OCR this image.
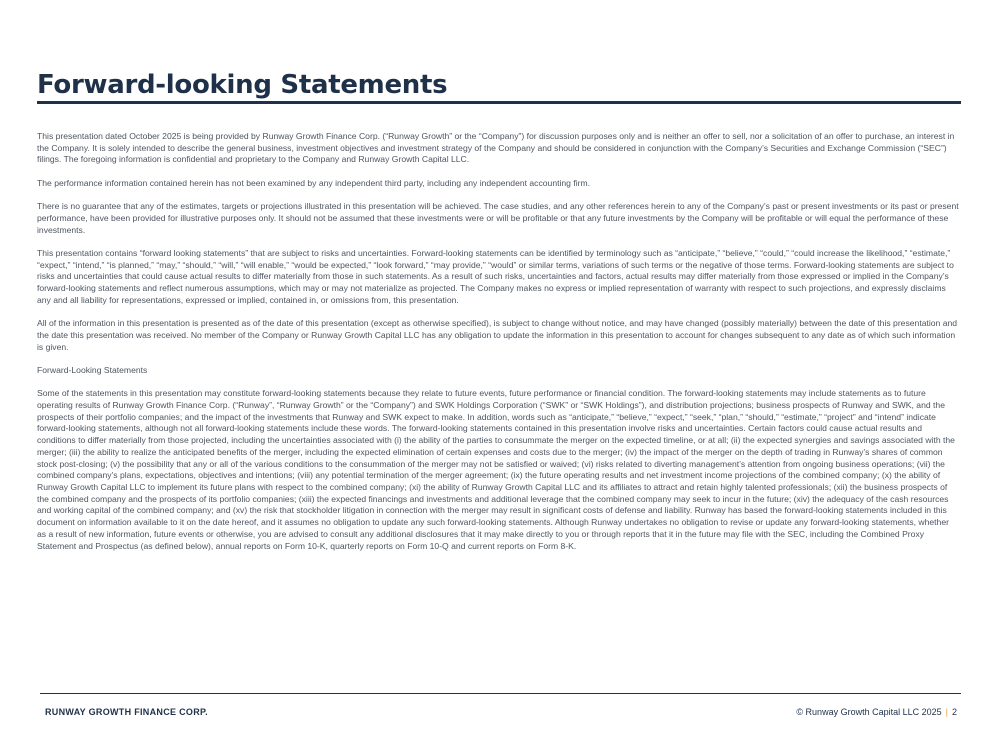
Forward-looking Statements

This presentation dated October 2025 is being provided by Runway Growth Finance Corp. (“Runway Growth” or the “Company”) for discussion purposes only and is neither an offer to sell, nor a solicitation of an offer to purchase, an interest in the Company. It is solely intended to describe the general business, investment objectives and investment strategy of the Company and should be considered in conjunction with the Company’s Securities and Exchange Commission (“SEC”) filings. The foregoing information is confidential and proprietary to the Company and Runway Growth Capital LLC.

The performance information contained herein has not been examined by any independent third party, including any independent accounting firm.

There is no guarantee that any of the estimates, targets or projections illustrated in this presentation will be achieved. The case studies, and any other references herein to any of the Company’s past or present investments or its past or present performance, have been provided for illustrative purposes only. It should not be assumed that these investments were or will be profitable or that any future investments by the Company will be profitable or will equal the performance of these investments.

This presentation contains “forward looking statements” that are subject to risks and uncertainties. Forward-looking statements can be identified by terminology such as “anticipate,” “believe,” “could,” “could increase the likelihood,” “estimate,” “expect,” “intend,” “is planned,” “may,” “should,” “will,” “will enable,” “would be expected,” “look forward,” “may provide,” “would” or similar terms, variations of such terms or the negative of those terms. Forward-looking statements are subject to risks and uncertainties that could cause actual results to differ materially from those in such statements. As a result of such risks, uncertainties and factors, actual results may differ materially from those expressed or implied in the Company’s forward-looking statements and reflect numerous assumptions, which may or may not materialize as projected. The Company makes no express or implied representation of warranty with respect to such projections, and expressly disclaims any and all liability for representations, expressed or implied, contained in, or omissions from, this presentation.

All of the information in this presentation is presented as of the date of this presentation (except as otherwise specified), is subject to change without notice, and may have changed (possibly materially) between the date of this presentation and the date this presentation was received. No member of the Company or Runway Growth Capital LLC has any obligation to update the information in this presentation to account for changes subsequent to any date as of which such information is given.

Forward-Looking Statements

Some of the statements in this presentation may constitute forward-looking statements because they relate to future events, future performance or financial condition. The forward-looking statements may include statements as to future operating results of Runway Growth Finance Corp. (“Runway”, “Runway Growth” or the “Company”) and SWK Holdings Corporation (“SWK” or “SWK Holdings”), and distribution projections; business prospects of Runway and SWK, and the prospects of their portfolio companies; and the impact of the investments that Runway and SWK expect to make. In addition, words such as “anticipate,” “believe,” “expect,” “seek,” “plan,” “should,” “estimate,” “project” and “intend” indicate forward-looking statements, although not all forward-looking statements include these words. The forward-looking statements contained in this presentation involve risks and uncertainties. Certain factors could cause actual results and conditions to differ materially from those projected, including the uncertainties associated with (i) the ability of the parties to consummate the merger on the expected timeline, or at all; (ii) the expected synergies and savings associated with the merger; (iii) the ability to realize the anticipated benefits of the merger, including the expected elimination of certain expenses and costs due to the merger; (iv) the impact of the merger on the depth of trading in Runway’s shares of common stock post-closing; (v) the possibility that any or all of the various conditions to the consummation of the merger may not be satisfied or waived; (vi) risks related to diverting management’s attention from ongoing business operations; (vii) the combined company’s plans, expectations, objectives and intentions; (viii) any potential termination of the merger agreement; (ix) the future operating results and net investment income projections of the combined company; (x) the ability of Runway Growth Capital LLC to implement its future plans with respect to the combined company; (xi) the ability of Runway Growth Capital LLC and its affiliates to attract and retain highly talented professionals; (xii) the business prospects of the combined company and the prospects of its portfolio companies; (xiii) the expected financings and investments and additional leverage that the combined company may seek to incur in the future; (xiv) the adequacy of the cash resources and working capital of the combined company; and (xv) the risk that stockholder litigation in connection with the merger may result in significant costs of defense and liability. Runway has based the forward-looking statements included in this document on information available to it on the date hereof, and it assumes no obligation to update any such forward-looking statements. Although Runway undertakes no obligation to revise or update any forward-looking statements, whether as a result of new information, future events or otherwise, you are advised to consult any additional disclosures that it may make directly to you or through reports that it in the future may file with the SEC, including the Combined Proxy Statement and Prospectus (as defined below), annual reports on Form 10-K, quarterly reports on Form 10-Q and current reports on Form 8-K.

RUNWAY GROWTH FINANCE CORP.	© Runway Growth Capital LLC 2025 | 2
